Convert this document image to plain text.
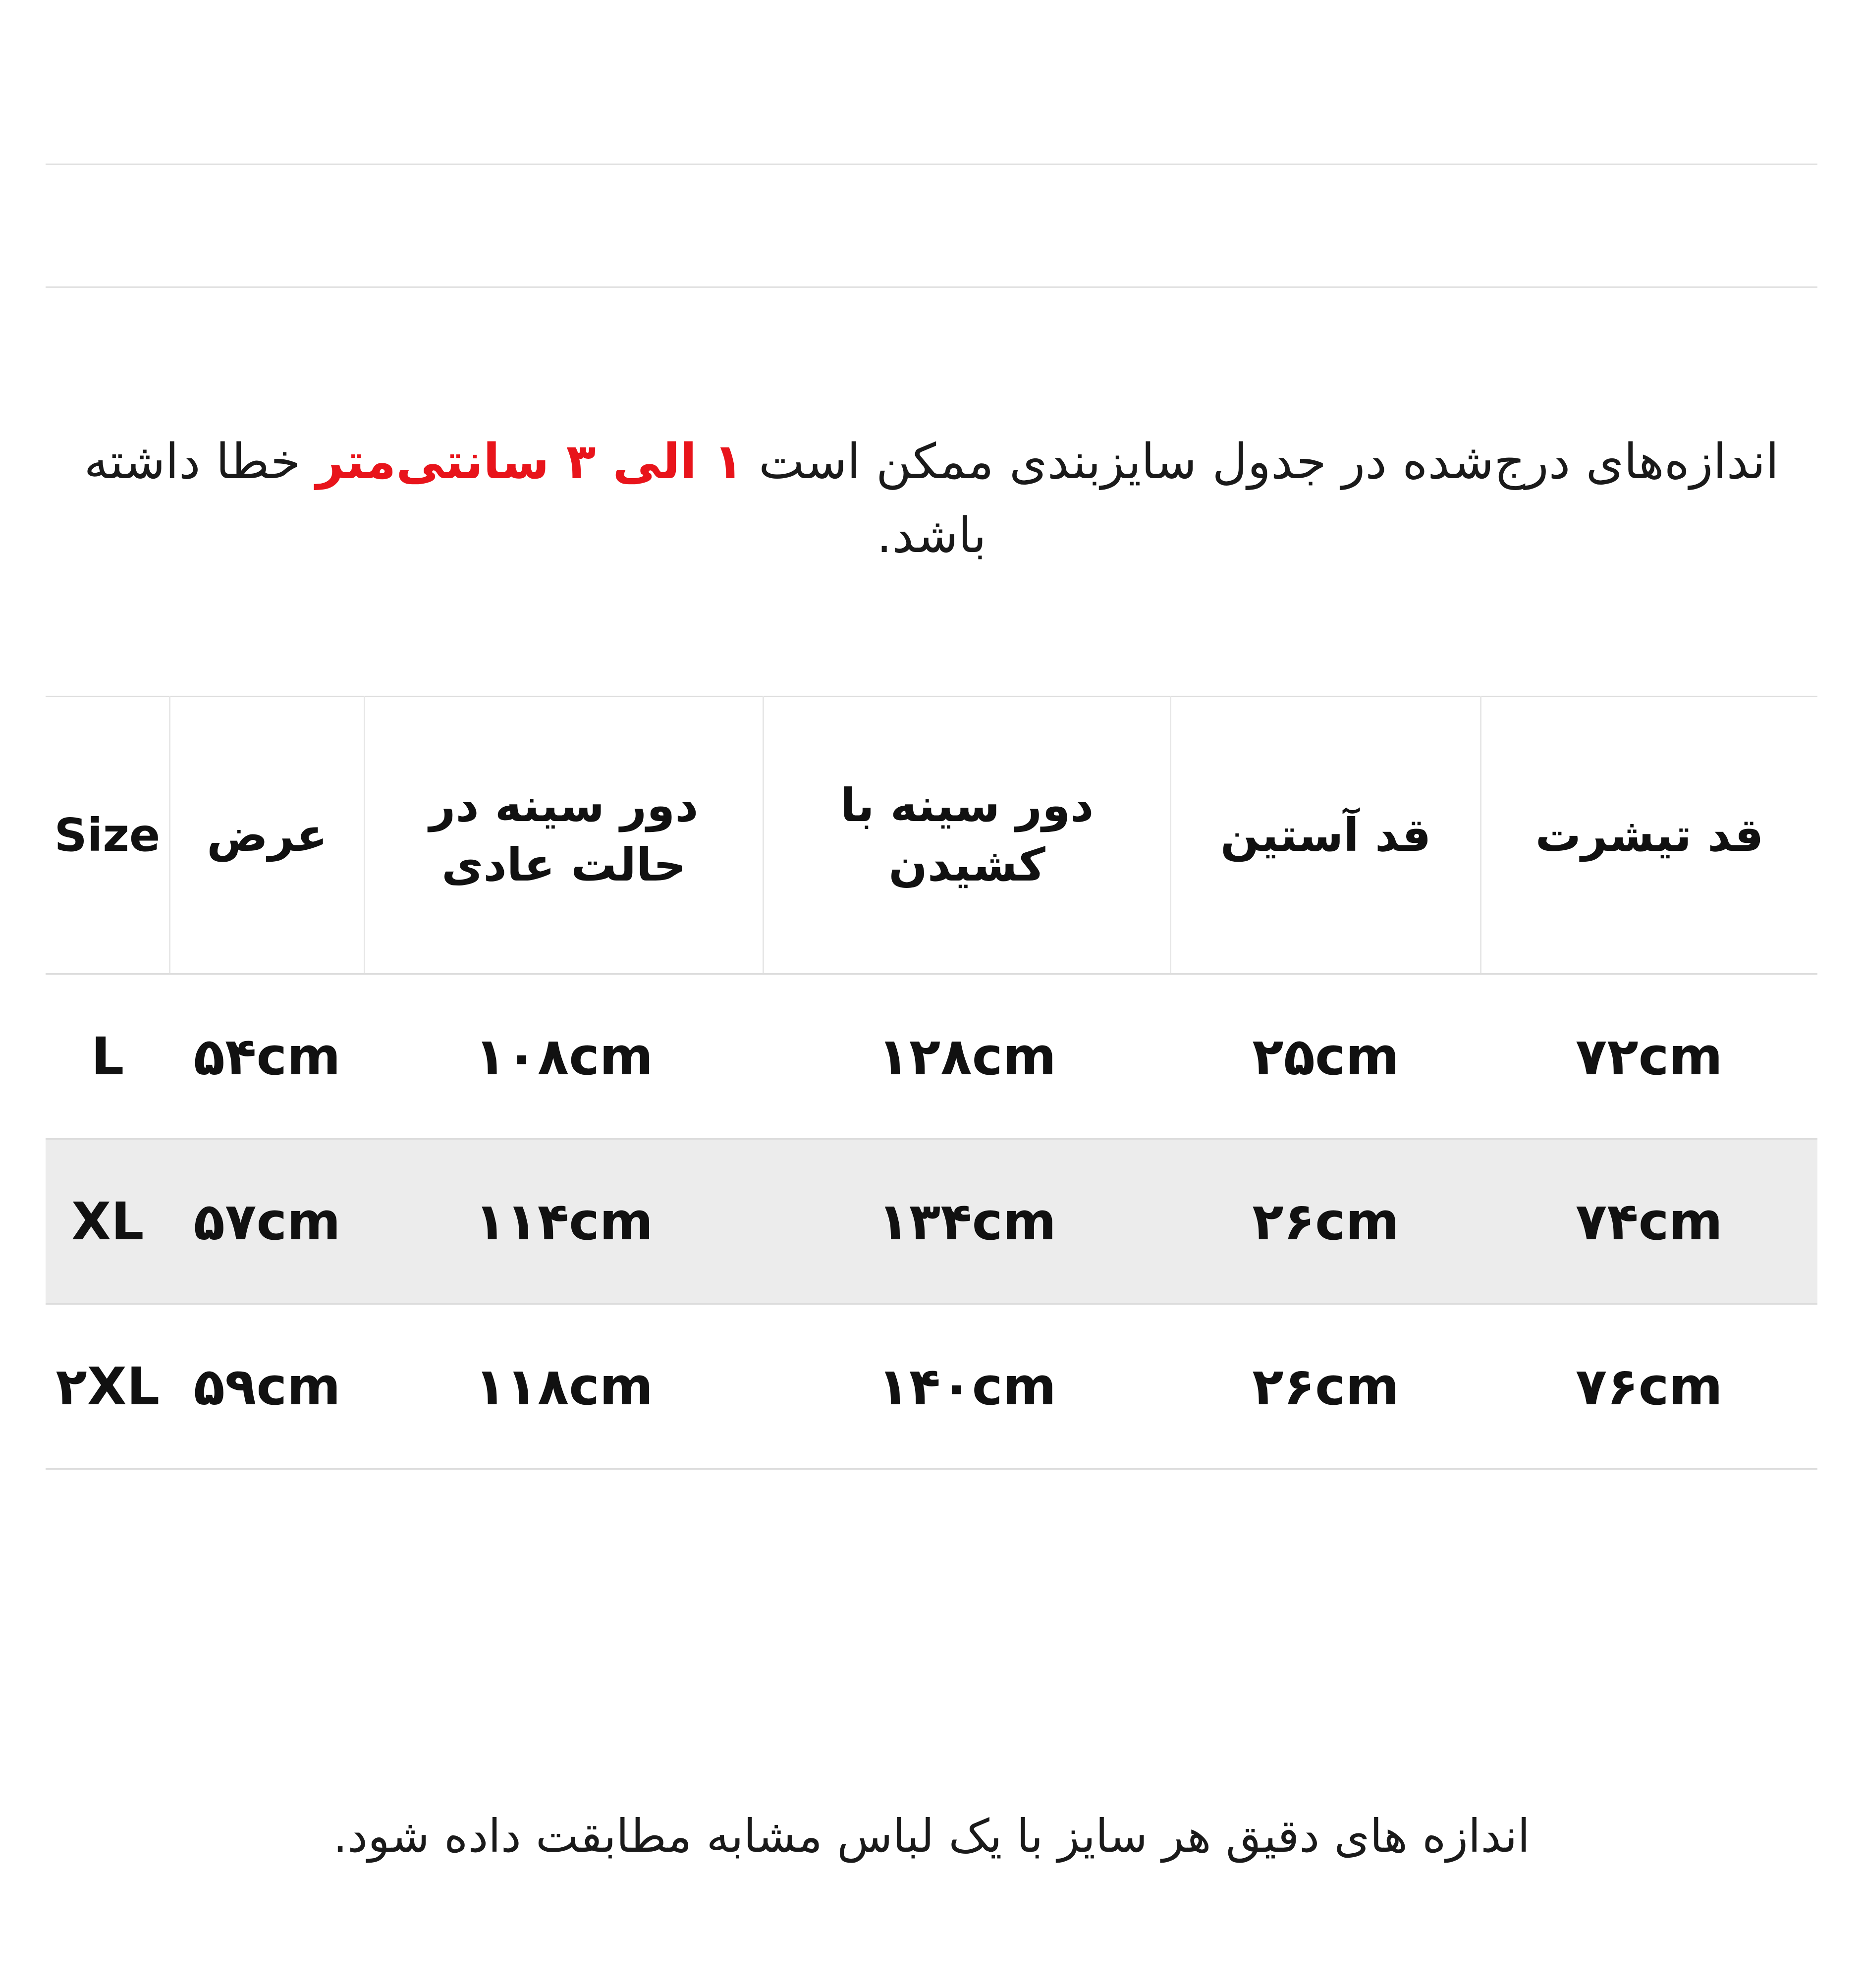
اندازه‌های درج‌شده در جدول سایزبندی ممکن است ۱ الی ۳ سانتی‌متر خطا داشته باشد.

قد تیشرت	قد آستین	دور سینه با کشیدن	دور سینه در حالت عادی	عرض	Size
۷۲cm	۲۵cm	۱۲۸cm	۱۰۸cm	۵۴cm	L
۷۴cm	۲۶cm	۱۳۴cm	۱۱۴cm	۵۷cm	XL
۷۶cm	۲۶cm	۱۴۰cm	۱۱۸cm	۵۹cm	۲XL

اندازه های دقیق هر سایز با یک لباس مشابه مطابقت داده شود.
